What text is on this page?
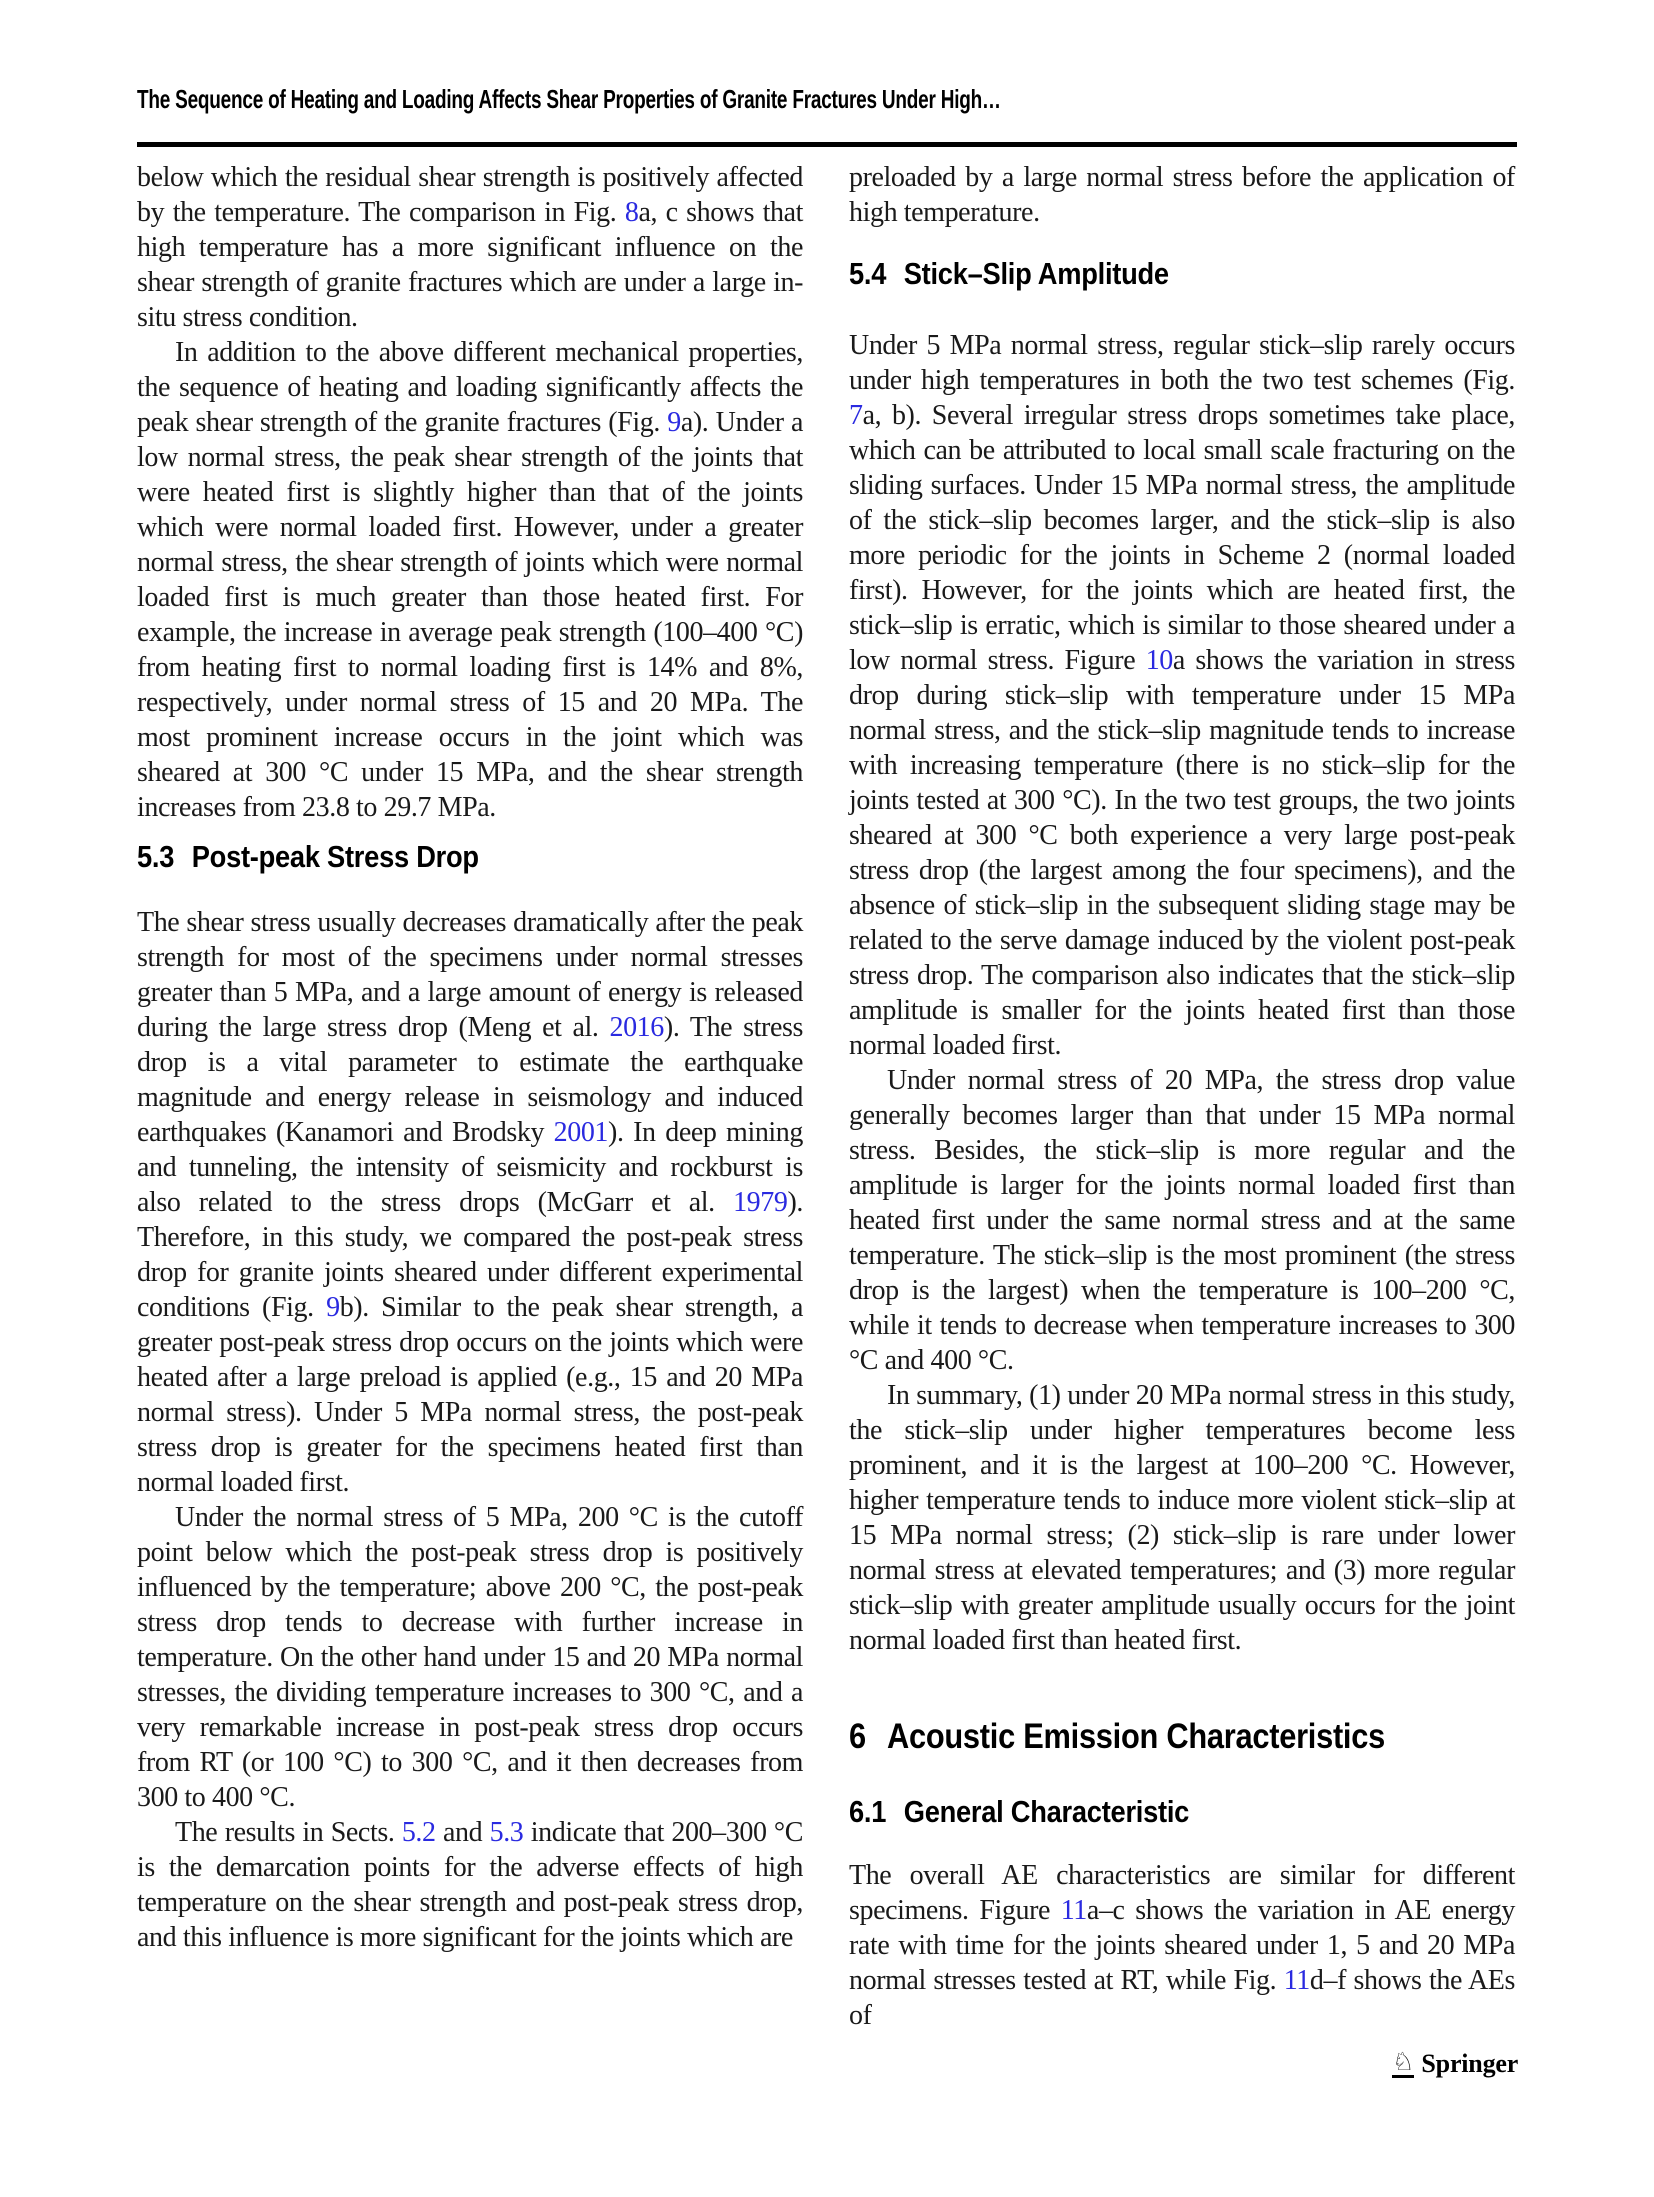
The Sequence of Heating and Loading Affects Shear Properties of Granite Fractures Under High…

below which the residual shear strength is positively affected by the temperature. The comparison in Fig. 8a, c shows that high temperature has a more significant influence on the shear strength of granite fractures which are under a large in-situ stress condition.

In addition to the above different mechanical properties, the sequence of heating and loading significantly affects the peak shear strength of the granite fractures (Fig. 9a). Under a low normal stress, the peak shear strength of the joints that were heated first is slightly higher than that of the joints which were normal loaded first. However, under a greater normal stress, the shear strength of joints which were normal loaded first is much greater than those heated first. For example, the increase in average peak strength (100–400 °C) from heating first to normal loading first is 14% and 8%, respectively, under normal stress of 15 and 20 MPa. The most prominent increase occurs in the joint which was sheared at 300 °C under 15 MPa, and the shear strength increases from 23.8 to 29.7 MPa.

5.3 Post-peak Stress Drop

The shear stress usually decreases dramatically after the peak strength for most of the specimens under normal stresses greater than 5 MPa, and a large amount of energy is released during the large stress drop (Meng et al. 2016). The stress drop is a vital parameter to estimate the earthquake magnitude and energy release in seismology and induced earthquakes (Kanamori and Brodsky 2001). In deep mining and tunneling, the intensity of seismicity and rockburst is also related to the stress drops (McGarr et al. 1979). Therefore, in this study, we compared the post-peak stress drop for granite joints sheared under different experimental conditions (Fig. 9b). Similar to the peak shear strength, a greater post-peak stress drop occurs on the joints which were heated after a large preload is applied (e.g., 15 and 20 MPa normal stress). Under 5 MPa normal stress, the post-peak stress drop is greater for the specimens heated first than normal loaded first.

Under the normal stress of 5 MPa, 200 °C is the cutoff point below which the post-peak stress drop is positively influenced by the temperature; above 200 °C, the post-peak stress drop tends to decrease with further increase in temperature. On the other hand under 15 and 20 MPa normal stresses, the dividing temperature increases to 300 °C, and a very remarkable increase in post-peak stress drop occurs from RT (or 100 °C) to 300 °C, and it then decreases from 300 to 400 °C.

The results in Sects. 5.2 and 5.3 indicate that 200–300 °C is the demarcation points for the adverse effects of high temperature on the shear strength and post-peak stress drop, and this influence is more significant for the joints which are

preloaded by a large normal stress before the application of high temperature.

5.4 Stick–Slip Amplitude

Under 5 MPa normal stress, regular stick–slip rarely occurs under high temperatures in both the two test schemes (Fig. 7a, b). Several irregular stress drops sometimes take place, which can be attributed to local small scale fracturing on the sliding surfaces. Under 15 MPa normal stress, the amplitude of the stick–slip becomes larger, and the stick–slip is also more periodic for the joints in Scheme 2 (normal loaded first). However, for the joints which are heated first, the stick–slip is erratic, which is similar to those sheared under a low normal stress. Figure 10a shows the variation in stress drop during stick–slip with temperature under 15 MPa normal stress, and the stick–slip magnitude tends to increase with increasing temperature (there is no stick–slip for the joints tested at 300 °C). In the two test groups, the two joints sheared at 300 °C both experience a very large post-peak stress drop (the largest among the four specimens), and the absence of stick–slip in the subsequent sliding stage may be related to the serve damage induced by the violent post-peak stress drop. The comparison also indicates that the stick–slip amplitude is smaller for the joints heated first than those normal loaded first.

Under normal stress of 20 MPa, the stress drop value generally becomes larger than that under 15 MPa normal stress. Besides, the stick–slip is more regular and the amplitude is larger for the joints normal loaded first than heated first under the same normal stress and at the same temperature. The stick–slip is the most prominent (the stress drop is the largest) when the temperature is 100–200 °C, while it tends to decrease when temperature increases to 300 °C and 400 °C.

In summary, (1) under 20 MPa normal stress in this study, the stick–slip under higher temperatures become less prominent, and it is the largest at 100–200 °C. However, higher temperature tends to induce more violent stick–slip at 15 MPa normal stress; (2) stick–slip is rare under lower normal stress at elevated temperatures; and (3) more regular stick–slip with greater amplitude usually occurs for the joint normal loaded first than heated first.

6 Acoustic Emission Characteristics
6.1 General Characteristic

The overall AE characteristics are similar for different specimens. Figure 11a–c shows the variation in AE energy rate with time for the joints sheared under 1, 5 and 20 MPa normal stresses tested at RT, while Fig. 11d–f shows the AEs of

♘ Springer
